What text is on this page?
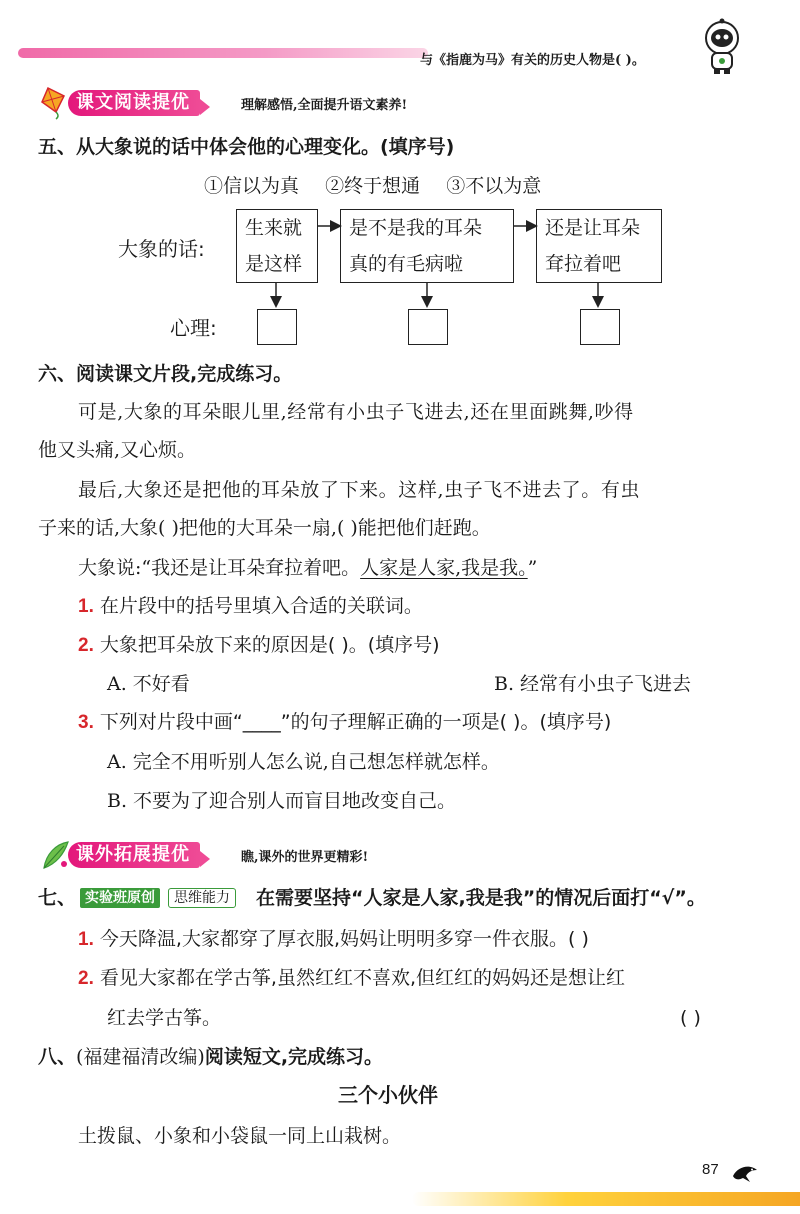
与《指鹿为马》有关的历史人物是( )。
课文阅读提优	理解感悟,全面提升语文素养!
五、从大象说的话中体会他的心理变化。(填序号)
①信以为真 ②终于想通 ③不以为意
大象的话:
生来就
是这样
是不是我的耳朵
真的有毛病啦
还是让耳朵
耷拉着吧
心理:
六、阅读课文片段,完成练习。
可是,大象的耳朵眼儿里,经常有小虫子飞进去,还在里面跳舞,吵得
他又头痛,又心烦。
最后,大象还是把他的耳朵放了下来。这样,虫子飞不进去了。有虫
子来的话,大象( )把他的大耳朵一扇,( )能把他们赶跑。
大象说:“我还是让耳朵耷拉着吧。人家是人家,我是我。”
1. 在片段中的括号里填入合适的关联词。
2. 大象把耳朵放下来的原因是( )。(填序号)
A. 不好看	B. 经常有小虫子飞进去
3. 下列对片段中画“____”的句子理解正确的一项是( )。(填序号)
A. 完全不用听别人怎么说,自己想怎样就怎样。
B. 不要为了迎合别人而盲目地改变自己。
课外拓展提优	瞧,课外的世界更精彩!
七、 实验班原创	思维能力	在需要坚持“人家是人家,我是我”的情况后面打“√”。
1. 今天降温,大家都穿了厚衣服,妈妈让明明多穿一件衣服。( )
2. 看见大家都在学古筝,虽然红红不喜欢,但红红的妈妈还是想让红
红去学古筝。	( )
八、(福建福清改编)阅读短文,完成练习。
三个小伙伴
土拨鼠、小象和小袋鼠一同上山栽树。
87
